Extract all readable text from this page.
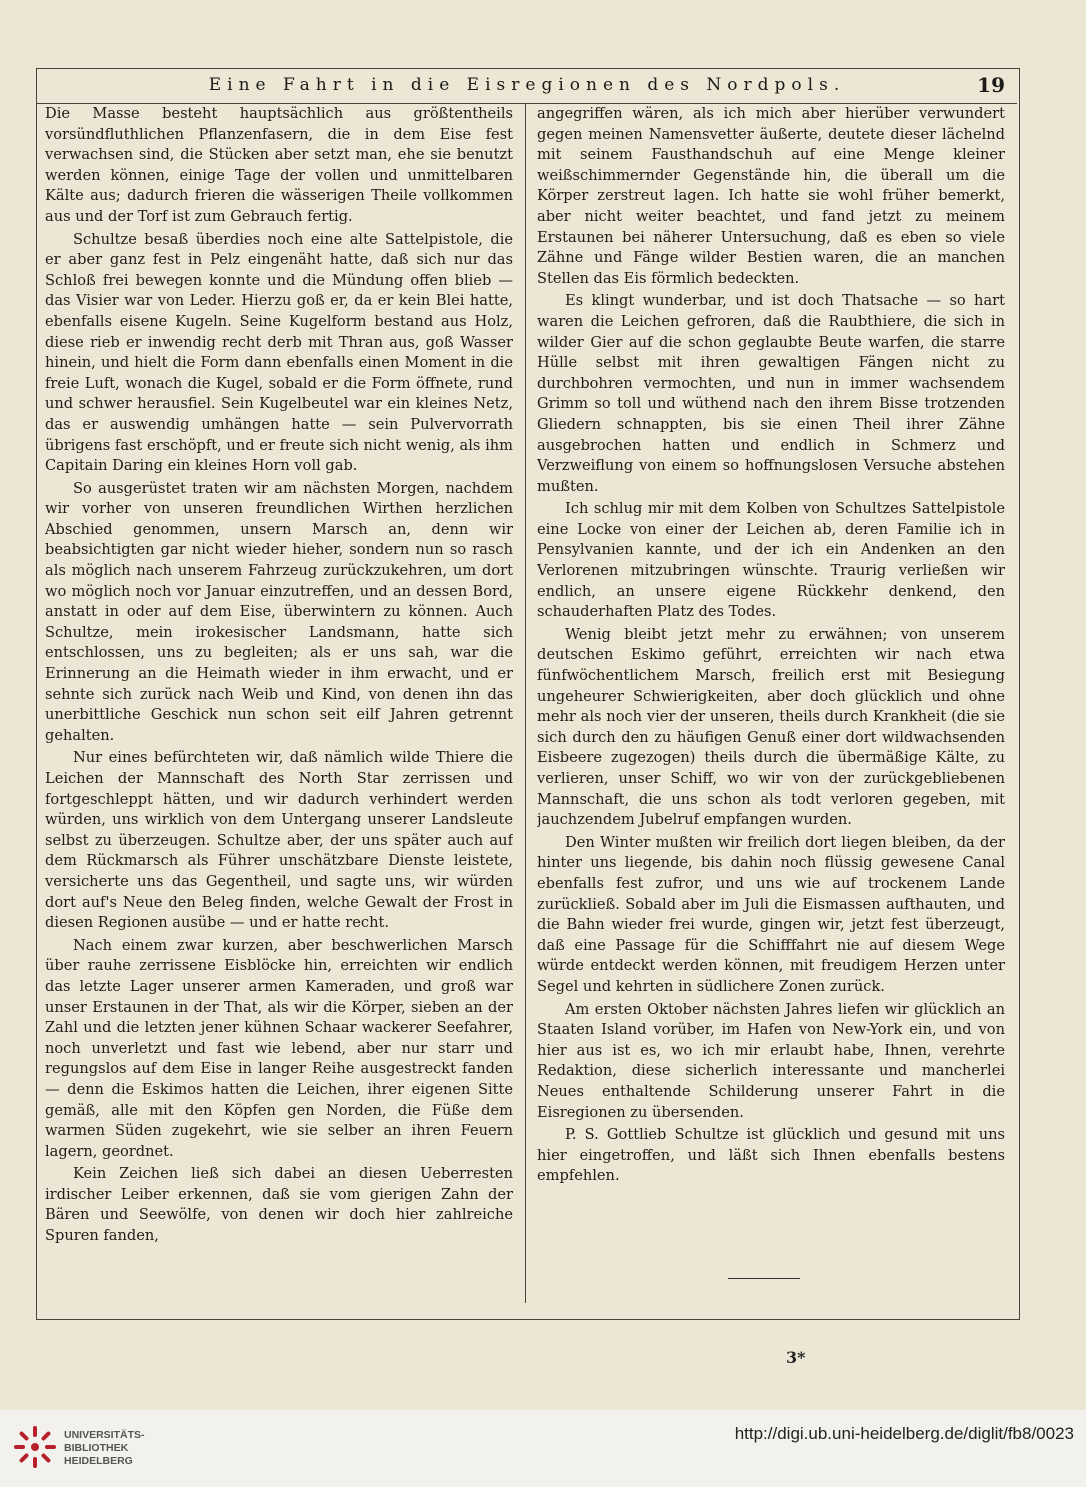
Eine Fahrt in die Eisregionen des Nordpols.	19

Die Masse besteht hauptsächlich aus größtentheils vorsündfluthlichen Pflanzenfasern, die in dem Eise fest verwachsen sind, die Stücken aber setzt man, ehe sie benutzt werden können, einige Tage der vollen und unmittelbaren Kälte aus; dadurch frieren die wässerigen Theile vollkommen aus und der Torf ist zum Gebrauch fertig.

Schultze besaß überdies noch eine alte Sattelpistole, die er aber ganz fest in Pelz eingenäht hatte, daß sich nur das Schloß frei bewegen konnte und die Mündung offen blieb — das Visier war von Leder. Hierzu goß er, da er kein Blei hatte, ebenfalls eisene Kugeln. Seine Kugelform bestand aus Holz, diese rieb er inwendig recht derb mit Thran aus, goß Wasser hinein, und hielt die Form dann ebenfalls einen Moment in die freie Luft, wonach die Kugel, sobald er die Form öffnete, rund und schwer herausfiel. Sein Kugelbeutel war ein kleines Netz, das er auswendig umhängen hatte — sein Pulvervorrath übrigens fast erschöpft, und er freute sich nicht wenig, als ihm Capitain Daring ein kleines Horn voll gab.

So ausgerüstet traten wir am nächsten Morgen, nachdem wir vorher von unseren freundlichen Wirthen herzlichen Abschied genommen, unsern Marsch an, denn wir beabsichtigten gar nicht wieder hieher, sondern nun so rasch als möglich nach unserem Fahrzeug zurückzukehren, um dort wo möglich noch vor Januar einzutreffen, und an dessen Bord, anstatt in oder auf dem Eise, überwintern zu können. Auch Schultze, mein irokesischer Landsmann, hatte sich entschlossen, uns zu begleiten; als er uns sah, war die Erinnerung an die Heimath wieder in ihm erwacht, und er sehnte sich zurück nach Weib und Kind, von denen ihn das unerbittliche Geschick nun schon seit eilf Jahren getrennt gehalten.

Nur eines befürchteten wir, daß nämlich wilde Thiere die Leichen der Mannschaft des North Star zerrissen und fortgeschleppt hätten, und wir dadurch verhindert werden würden, uns wirklich von dem Untergang unserer Landsleute selbst zu überzeugen. Schultze aber, der uns später auch auf dem Rückmarsch als Führer unschätzbare Dienste leistete, versicherte uns das Gegentheil, und sagte uns, wir würden dort auf's Neue den Beleg finden, welche Gewalt der Frost in diesen Regionen ausübe — und er hatte recht.

Nach einem zwar kurzen, aber beschwerlichen Marsch über rauhe zerrissene Eisblöcke hin, erreichten wir endlich das letzte Lager unserer armen Kameraden, und groß war unser Erstaunen in der That, als wir die Körper, sieben an der Zahl und die letzten jener kühnen Schaar wackerer Seefahrer, noch unverletzt und fast wie lebend, aber nur starr und regungslos auf dem Eise in langer Reihe ausgestreckt fanden — denn die Eskimos hatten die Leichen, ihrer eigenen Sitte gemäß, alle mit den Köpfen gen Norden, die Füße dem warmen Süden zugekehrt, wie sie selber an ihren Feuern lagern, geordnet.

Kein Zeichen ließ sich dabei an diesen Ueberresten irdischer Leiber erkennen, daß sie vom gierigen Zahn der Bären und Seewölfe, von denen wir doch hier zahlreiche Spuren fanden,

angegriffen wären, als ich mich aber hierüber verwundert gegen meinen Namensvetter äußerte, deutete dieser lächelnd mit seinem Fausthandschuh auf eine Menge kleiner weißschimmernder Gegenstände hin, die überall um die Körper zerstreut lagen. Ich hatte sie wohl früher bemerkt, aber nicht weiter beachtet, und fand jetzt zu meinem Erstaunen bei näherer Untersuchung, daß es eben so viele Zähne und Fänge wilder Bestien waren, die an manchen Stellen das Eis förmlich bedeckten.

Es klingt wunderbar, und ist doch Thatsache — so hart waren die Leichen gefroren, daß die Raubthiere, die sich in wilder Gier auf die schon geglaubte Beute warfen, die starre Hülle selbst mit ihren gewaltigen Fängen nicht zu durchbohren vermochten, und nun in immer wachsendem Grimm so toll und wüthend nach den ihrem Bisse trotzenden Gliedern schnappten, bis sie einen Theil ihrer Zähne ausgebrochen hatten und endlich in Schmerz und Verzweiflung von einem so hoffnungslosen Versuche abstehen mußten.

Ich schlug mir mit dem Kolben von Schultzes Sattelpistole eine Locke von einer der Leichen ab, deren Familie ich in Pensylvanien kannte, und der ich ein Andenken an den Verlorenen mitzubringen wünschte. Traurig verließen wir endlich, an unsere eigene Rückkehr denkend, den schauderhaften Platz des Todes.

Wenig bleibt jetzt mehr zu erwähnen; von unserem deutschen Eskimo geführt, erreichten wir nach etwa fünfwöchentlichem Marsch, freilich erst mit Besiegung ungeheurer Schwierigkeiten, aber doch glücklich und ohne mehr als noch vier der unseren, theils durch Krankheit (die sie sich durch den zu häufigen Genuß einer dort wildwachsenden Eisbeere zugezogen) theils durch die übermäßige Kälte, zu verlieren, unser Schiff, wo wir von der zurückgebliebenen Mannschaft, die uns schon als todt verloren gegeben, mit jauchzendem Jubelruf empfangen wurden.

Den Winter mußten wir freilich dort liegen bleiben, da der hinter uns liegende, bis dahin noch flüssig gewesene Canal ebenfalls fest zufror, und uns wie auf trockenem Lande zurückließ. Sobald aber im Juli die Eismassen aufthauten, und die Bahn wieder frei wurde, gingen wir, jetzt fest überzeugt, daß eine Passage für die Schifffahrt nie auf diesem Wege würde entdeckt werden können, mit freudigem Herzen unter Segel und kehrten in südlichere Zonen zurück.

Am ersten Oktober nächsten Jahres liefen wir glücklich an Staaten Island vorüber, im Hafen von New-York ein, und von hier aus ist es, wo ich mir erlaubt habe, Ihnen, verehrte Redaktion, diese sicherlich interessante und mancherlei Neues enthaltende Schilderung unserer Fahrt in die Eisregionen zu übersenden.

P. S. Gottlieb Schultze ist glücklich und gesund mit uns hier eingetroffen, und läßt sich Ihnen ebenfalls bestens empfehlen.

3*
UNIVERSITÄTS-
BIBLIOTHEK
HEIDELBERG
http://digi.ub.uni-heidelberg.de/diglit/fb8/0023
